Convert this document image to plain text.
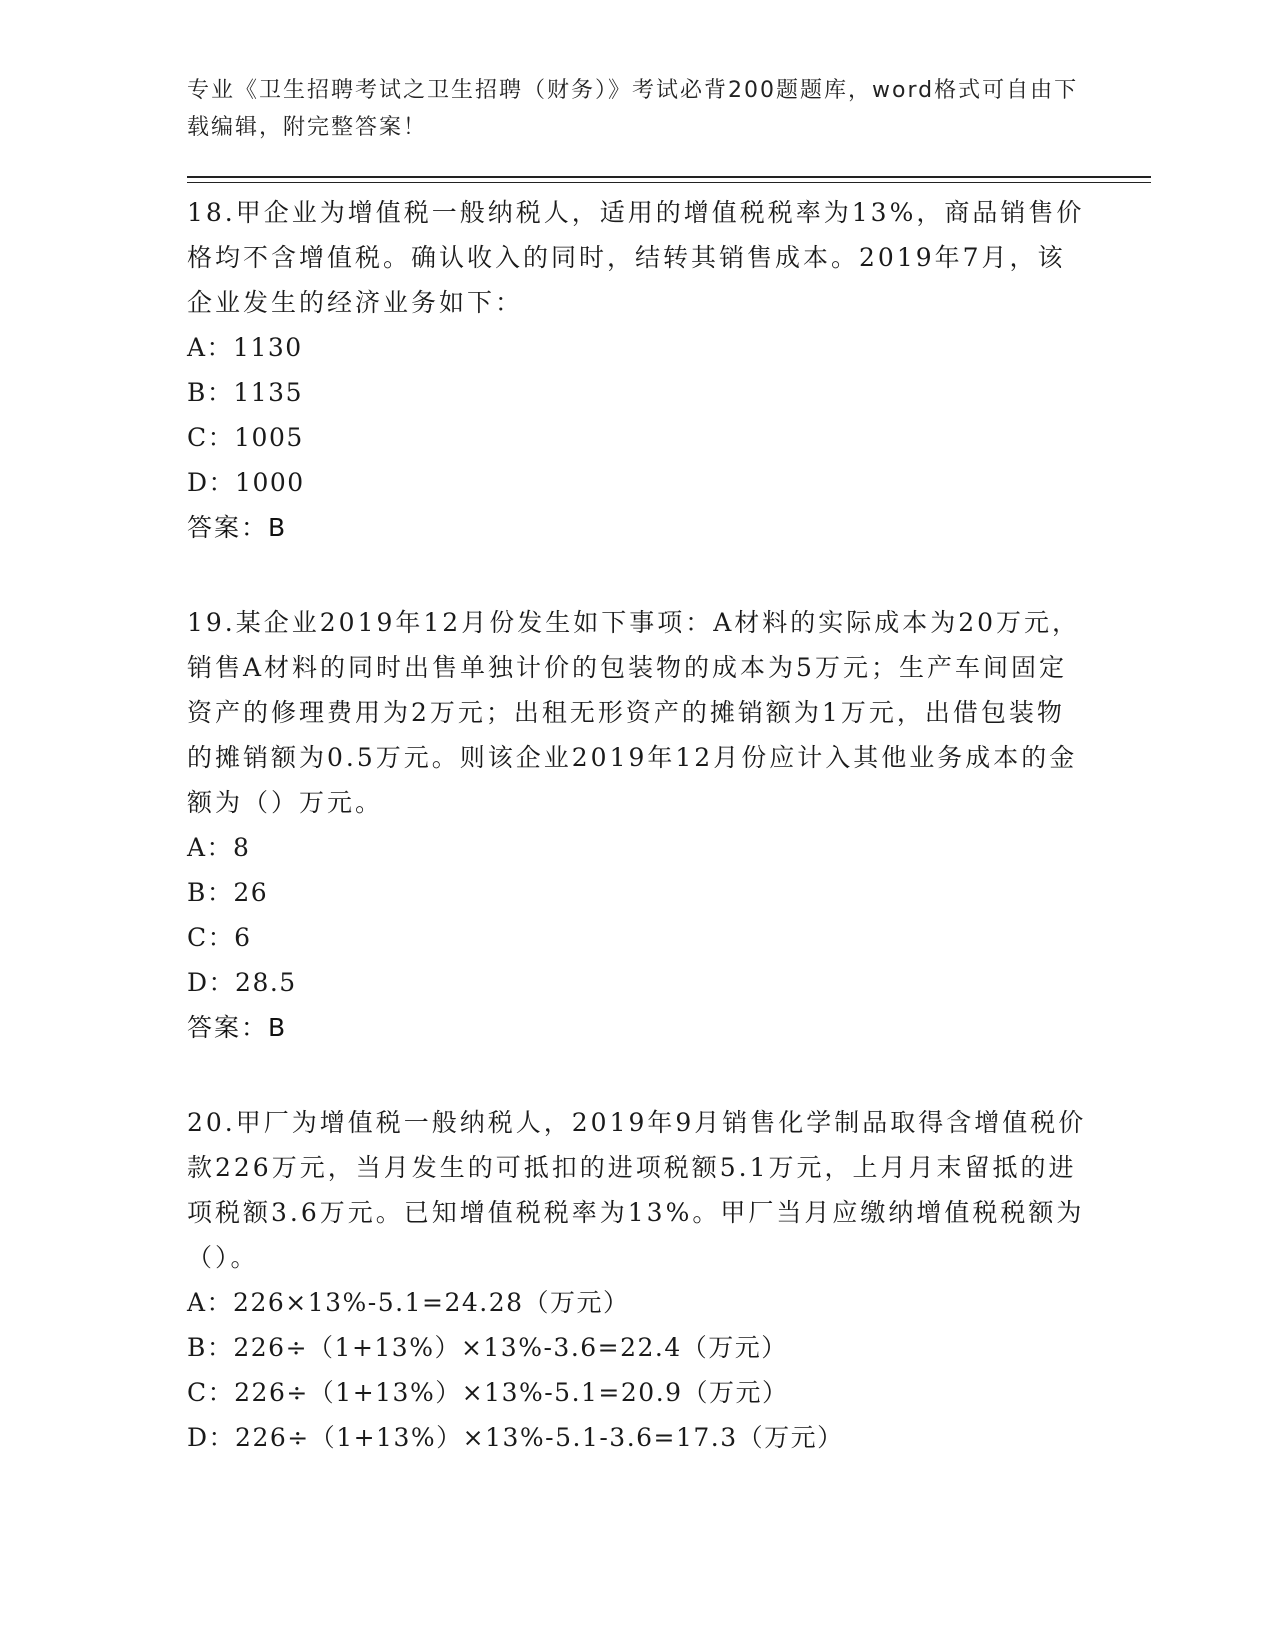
专业《卫生招聘考试之卫生招聘（财务）》考试必背200题题库，word格式可自由下载编辑，附完整答案！

18.甲企业为增值税一般纳税人，适用的增值税税率为13%，商品销售价格均不含增值税。确认收入的同时，结转其销售成本。2019年7月，该企业发生的经济业务如下：

A：1130

B：1135

C：1005

D：1000

答案：B

19.某企业2019年12月份发生如下事项：A材料的实际成本为20万元，销售A材料的同时出售单独计价的包装物的成本为5万元；生产车间固定资产的修理费用为2万元；出租无形资产的摊销额为1万元，出借包装物的摊销额为0.5万元。则该企业2019年12月份应计入其他业务成本的金额为（）万元。

A：8

B：26

C：6

D：28.5

答案：B

20.甲厂为增值税一般纳税人，2019年9月销售化学制品取得含增值税价款226万元，当月发生的可抵扣的进项税额5.1万元，上月月末留抵的进项税额3.6万元。已知增值税税率为13%。甲厂当月应缴纳增值税税额为（）。

A：226×13%-5.1=24.28（万元）

B：226÷（1+13%）×13%-3.6=22.4（万元）

C：226÷（1+13%）×13%-5.1=20.9（万元）

D：226÷（1+13%）×13%-5.1-3.6=17.3（万元）
